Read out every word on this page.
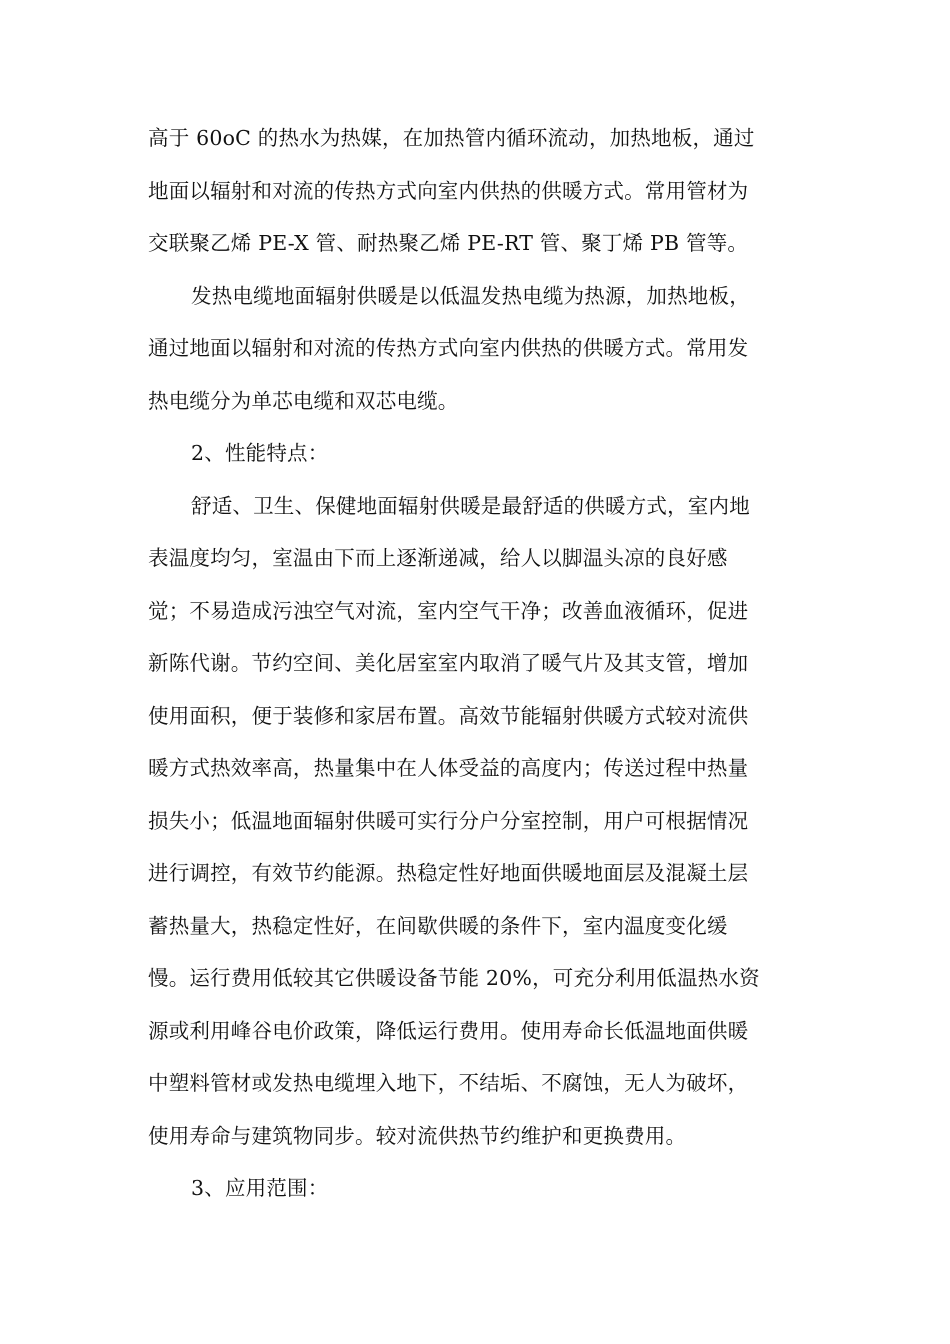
高于 60oC 的热水为热媒，在加热管内循环流动，加热地板，通过
地面以辐射和对流的传热方式向室内供热的供暖方式。常用管材为
交联聚乙烯 PE-X 管、耐热聚乙烯 PE-RT 管、聚丁烯 PB 管等。
发热电缆地面辐射供暖是以低温发热电缆为热源，加热地板，
通过地面以辐射和对流的传热方式向室内供热的供暖方式。常用发
热电缆分为单芯电缆和双芯电缆。
2、性能特点：
舒适、卫生、保健地面辐射供暖是最舒适的供暖方式，室内地
表温度均匀，室温由下而上逐渐递减，给人以脚温头凉的良好感
觉；不易造成污浊空气对流，室内空气干净；改善血液循环，促进
新陈代谢。节约空间、美化居室室内取消了暖气片及其支管，增加
使用面积，便于装修和家居布置。高效节能辐射供暖方式较对流供
暖方式热效率高，热量集中在人体受益的高度内；传送过程中热量
损失小；低温地面辐射供暖可实行分户分室控制，用户可根据情况
进行调控，有效节约能源。热稳定性好地面供暖地面层及混凝土层
蓄热量大，热稳定性好，在间歇供暖的条件下，室内温度变化缓
慢。运行费用低较其它供暖设备节能 20%，可充分利用低温热水资
源或利用峰谷电价政策，降低运行费用。使用寿命长低温地面供暖
中塑料管材或发热电缆埋入地下，不结垢、不腐蚀，无人为破坏，
使用寿命与建筑物同步。较对流供热节约维护和更换费用。
3、应用范围：
